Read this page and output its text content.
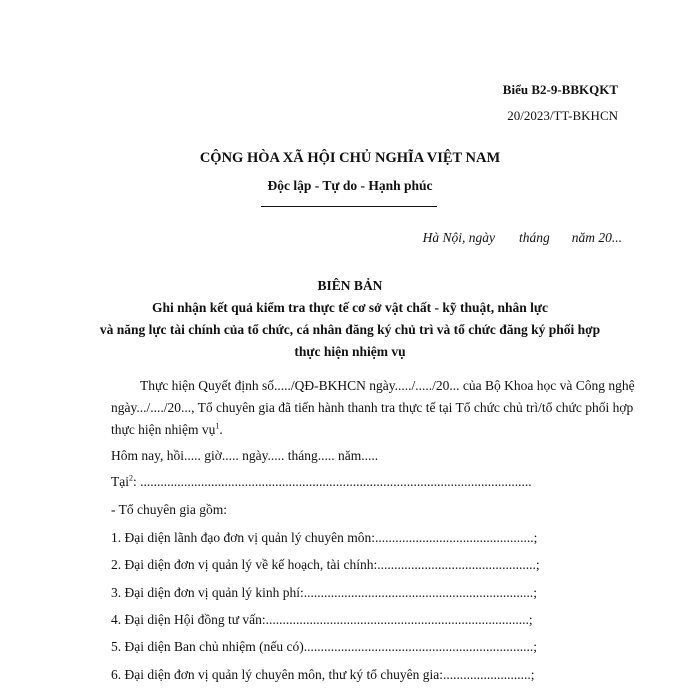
Biểu B2-9-BBKQKT
20/2023/TT-BKHCN
CỘNG HÒA XÃ HỘI CHỦ NGHĨA VIỆT NAM
Độc lập - Tự do - Hạnh phúc
Hà Nội, ngày tháng năm 20...
BIÊN BẢN
Ghi nhận kết quả kiểm tra thực tế cơ sở vật chất - kỹ thuật, nhân lực
và năng lực tài chính của tổ chức, cá nhân đăng ký chủ trì và tổ chức đăng ký phối hợp
thực hiện nhiệm vụ
Thực hiện Quyết định số...../QĐ-BKHCN ngày...../...../20... của Bộ Khoa học và Công nghệ
ngày.../..../20..., Tổ chuyên gia đã tiến hành thanh tra thực tế tại Tổ chức chủ trì/tổ chức phối hợp
thực hiện nhiệm vụ$^1$.
Hôm nay, hồi..... giờ..... ngày..... tháng..... năm.....
Tại$^2$: ....................................................................................................................
- Tổ chuyên gia gồm:
1. Đại diện lãnh đạo đơn vị quản lý chuyên môn:...............................................;
2. Đại diện đơn vị quản lý về kế hoạch, tài chính:...............................................;
3. Đại diện đơn vị quản lý kinh phí:....................................................................;
4. Đại diện Hội đồng tư vấn:..............................................................................;
5. Đại diện Ban chủ nhiệm (nếu có)....................................................................;
6. Đại diện đơn vị quản lý chuyên môn, thư ký tổ chuyên gia:..........................;
